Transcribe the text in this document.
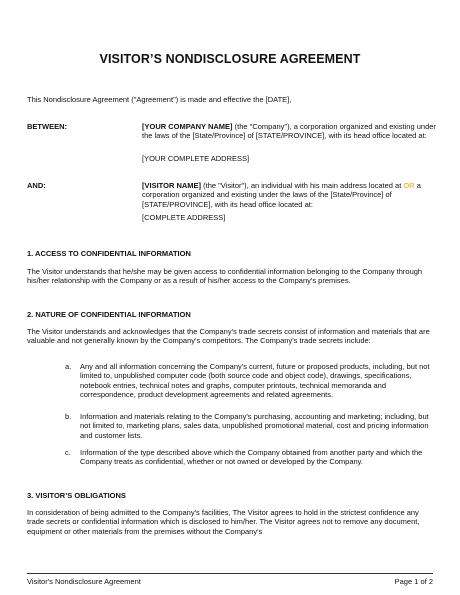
VISITOR’S NONDISCLOSURE AGREEMENT

This Nondisclosure Agreement ("Agreement") is made and effective the [DATE],

BETWEEN:	[YOUR COMPANY NAME] (the "Company"), a corporation organized and existing under the laws of the [State/Province] of [STATE/PROVINCE], with its head office located at:

[YOUR COMPLETE ADDRESS]

AND:	[VISITOR NAME] (the "Visitor"), an individual with his main address located at OR a corporation organized and existing under the laws of the [State/Province] of [STATE/PROVINCE], with its head office located at:

[COMPLETE ADDRESS]

1. ACCESS TO CONFIDENTIAL INFORMATION

The Visitor understands that he/she may be given access to confidential information belonging to the Company through his/her relationship with the Company or as a result of his/her access to the Company's premises.

2. NATURE OF CONFIDENTIAL INFORMATION

The Visitor understands and acknowledges that the Company's trade secrets consist of information and materials that are valuable and not generally known by the Company's competitors. The Company's trade secrets include:

a. Any and all information concerning the Company's current, future or proposed products, including, but not limited to, unpublished computer code (both source code and object code), drawings, specifications, notebook entries, technical notes and graphs, computer printouts, technical memoranda and correspondence, product development agreements and related agreements.

b. Information and materials relating to the Company's purchasing, accounting and marketing; including, but not limited to, marketing plans, sales data, unpublished promotional material, cost and pricing information and customer lists.

c. Information of the type described above which the Company obtained from another party and which the Company treats as confidential, whether or not owned or developed by the Company.

3. VISITOR’S OBLIGATIONS

In consideration of being admitted to the Company's facilities, The Visitor agrees to hold in the strictest confidence any trade secrets or confidential information which is disclosed to him/her. The Visitor agrees not to remove any document, equipment or other materials from the premises without the Company's

Visitor's Nondisclosure Agreement	Page 1 of 2
